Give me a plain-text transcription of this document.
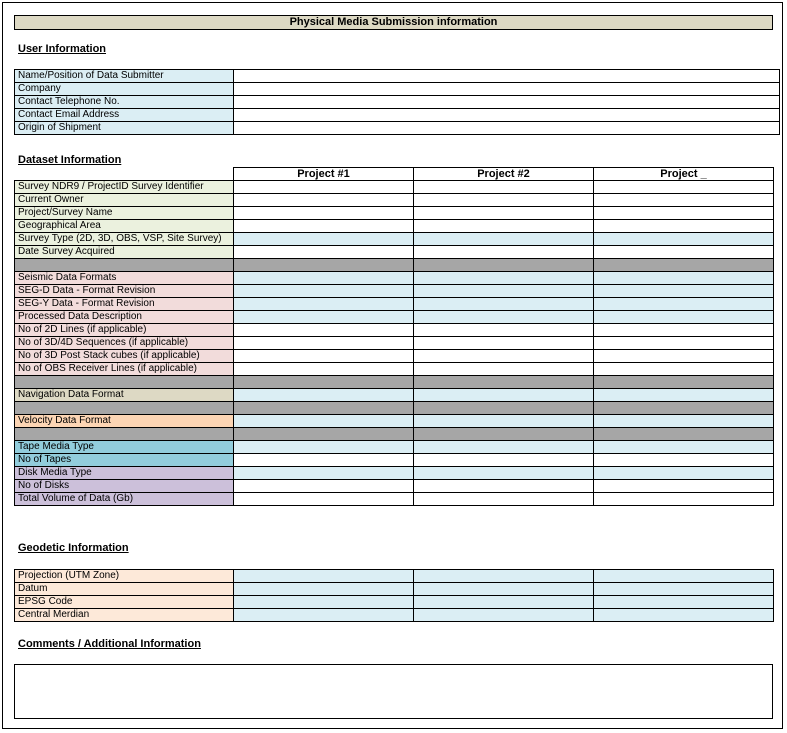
Physical Media Submission information
User Information
Name/Position of Data Submitter	
Company	
Contact Telephone No.	
Contact Email Address	
Origin of Shipment	
Dataset Information
	Project #1	Project #2	Project _
Survey NDR9 / ProjectID Survey Identifier			
Current Owner			
Project/Survey Name			
Geographical Area			
Survey Type (2D, 3D, OBS, VSP, Site Survey)			
Date Survey Acquired			

Seismic Data Formats			
SEG-D Data - Format Revision			
SEG-Y Data - Format Revision			
Processed Data Description			
No of 2D Lines (if applicable)			
No of 3D/4D Sequences (if applicable)			
No of 3D Post Stack cubes (if applicable)			
No of OBS Receiver Lines (if applicable)			

Navigation Data Format			

Velocity Data Format			

Tape Media Type			
No of Tapes			
Disk Media Type			
No of Disks			
Total Volume of Data (Gb)			
Geodetic Information
Projection (UTM Zone)			
Datum			
EPSG Code			
Central Merdian			
Comments / Additional Information
